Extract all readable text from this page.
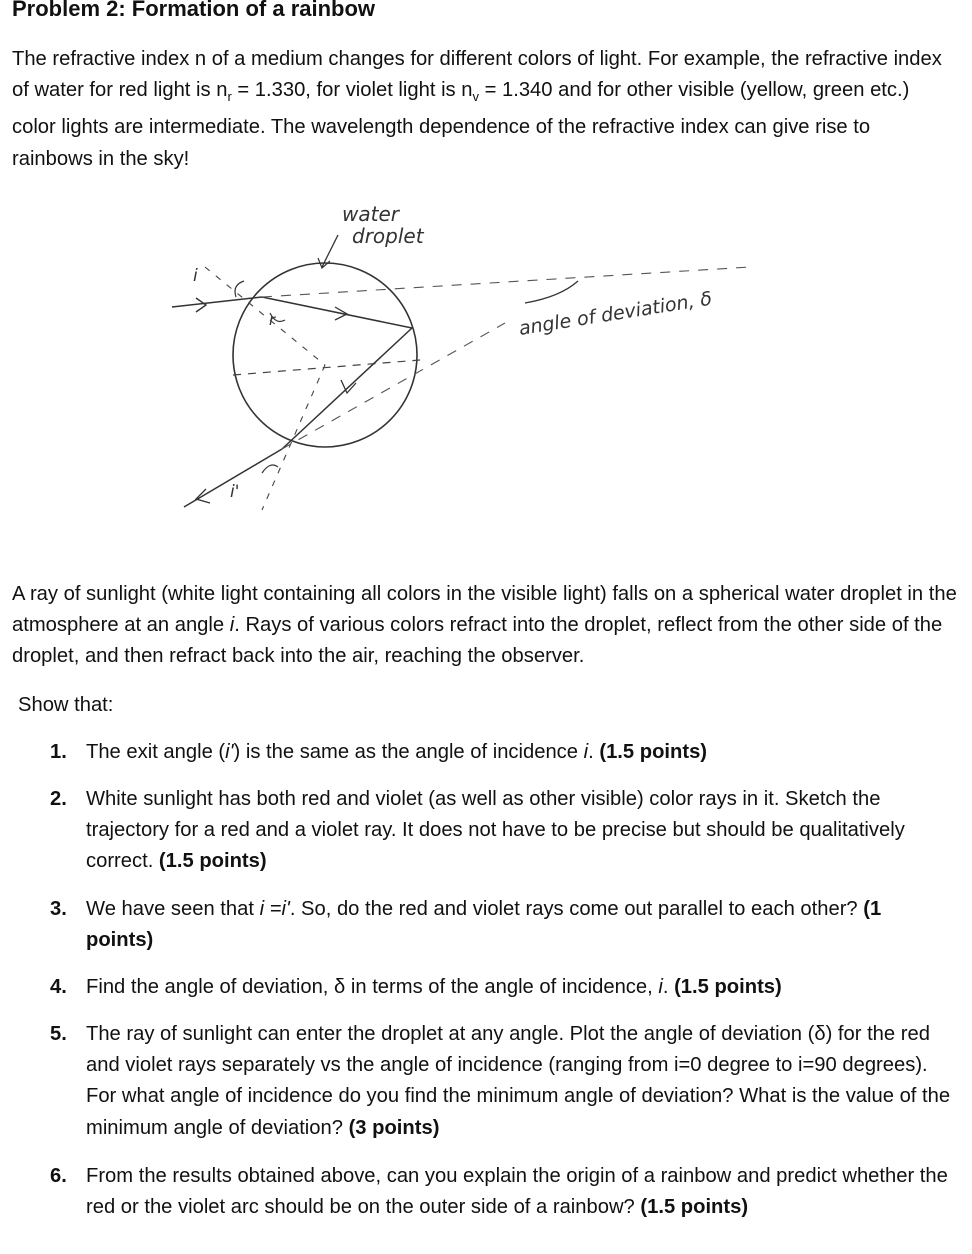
Problem 2: Formation of a rainbow

The refractive index n of a medium changes for different colors of light. For example, the refractive index of water for red light is $n_r = 1.330$, for violet light is $n_v = 1.340$ and for other visible (yellow, green etc.) color lights are intermediate. The wavelength dependence of the refractive index can give rise to rainbows in the sky!

water
droplet
angle of deviation, δ
i
r
i'

A ray of sunlight (white light containing all colors in the visible light) falls on a spherical water droplet in the atmosphere at an angle i. Rays of various colors refract into the droplet, reflect from the other side of the droplet, and then refract back into the air, reaching the observer.

Show that:

1. The exit angle (i') is the same as the angle of incidence i. (1.5 points)

2. White sunlight has both red and violet (as well as other visible) color rays in it. Sketch the trajectory for a red and a violet ray. It does not have to be precise but should be qualitatively correct. (1.5 points)

3. We have seen that i =i'. So, do the red and violet rays come out parallel to each other? (1 points)

4. Find the angle of deviation, δ in terms of the angle of incidence, i. (1.5 points)

5. The ray of sunlight can enter the droplet at any angle. Plot the angle of deviation (δ) for the red and violet rays separately vs the angle of incidence (ranging from i=0 degree to i=90 degrees). For what angle of incidence do you find the minimum angle of deviation? What is the value of the minimum angle of deviation? (3 points)

6. From the results obtained above, can you explain the origin of a rainbow and predict whether the red or the violet arc should be on the outer side of a rainbow? (1.5 points)
